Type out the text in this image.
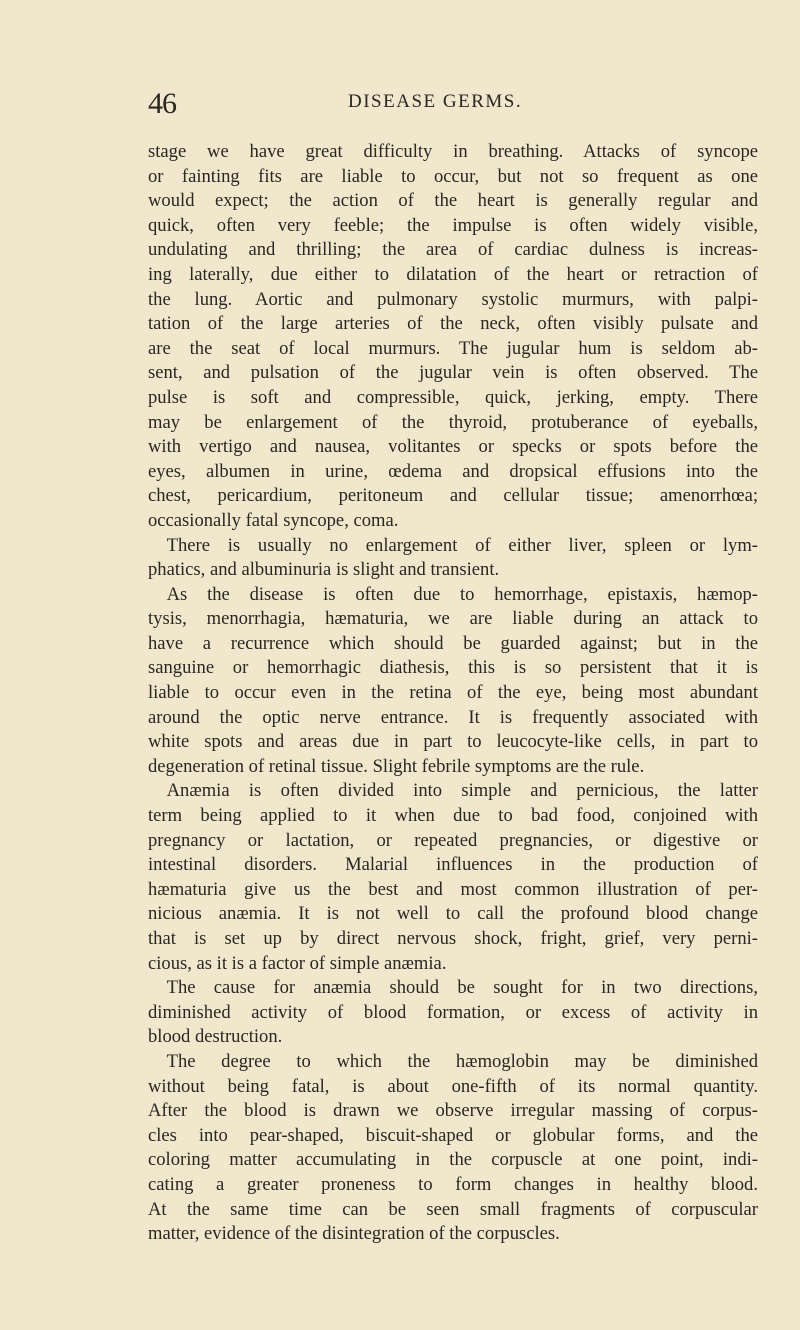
46	DISEASE GERMS.
stage we have great difficulty in breathing. Attacks of syncope
or fainting fits are liable to occur, but not so frequent as one
would expect; the action of the heart is generally regular and
quick, often very feeble; the impulse is often widely visible,
undulating and thrilling; the area of cardiac dulness is increas-
ing laterally, due either to dilatation of the heart or retraction of
the lung. Aortic and pulmonary systolic murmurs, with palpi-
tation of the large arteries of the neck, often visibly pulsate and
are the seat of local murmurs. The jugular hum is seldom ab-
sent, and pulsation of the jugular vein is often observed. The
pulse is soft and compressible, quick, jerking, empty. There
may be enlargement of the thyroid, protuberance of eyeballs,
with vertigo and nausea, volitantes or specks or spots before the
eyes, albumen in urine, œdema and dropsical effusions into the
chest, pericardium, peritoneum and cellular tissue; amenorrhœa;
occasionally fatal syncope, coma.
 There is usually no enlargement of either liver, spleen or lym-
phatics, and albuminuria is slight and transient.
 As the disease is often due to hemorrhage, epistaxis, hæmop-
tysis, menorrhagia, hæmaturia, we are liable during an attack to
have a recurrence which should be guarded against; but in the
sanguine or hemorrhagic diathesis, this is so persistent that it is
liable to occur even in the retina of the eye, being most abundant
around the optic nerve entrance. It is frequently associated with
white spots and areas due in part to leucocyte-like cells, in part to
degeneration of retinal tissue. Slight febrile symptoms are the rule.
 Anæmia is often divided into simple and pernicious, the latter
term being applied to it when due to bad food, conjoined with
pregnancy or lactation, or repeated pregnancies, or digestive or
intestinal disorders. Malarial influences in the production of
hæmaturia give us the best and most common illustration of per-
nicious anæmia. It is not well to call the profound blood change
that is set up by direct nervous shock, fright, grief, very perni-
cious, as it is a factor of simple anæmia.
 The cause for anæmia should be sought for in two directions,
diminished activity of blood formation, or excess of activity in
blood destruction.
 The degree to which the hæmoglobin may be diminished
without being fatal, is about one-fifth of its normal quantity.
After the blood is drawn we observe irregular massing of corpus-
cles into pear-shaped, biscuit-shaped or globular forms, and the
coloring matter accumulating in the corpuscle at one point, indi-
cating a greater proneness to form changes in healthy blood.
At the same time can be seen small fragments of corpuscular
matter, evidence of the disintegration of the corpuscles.
